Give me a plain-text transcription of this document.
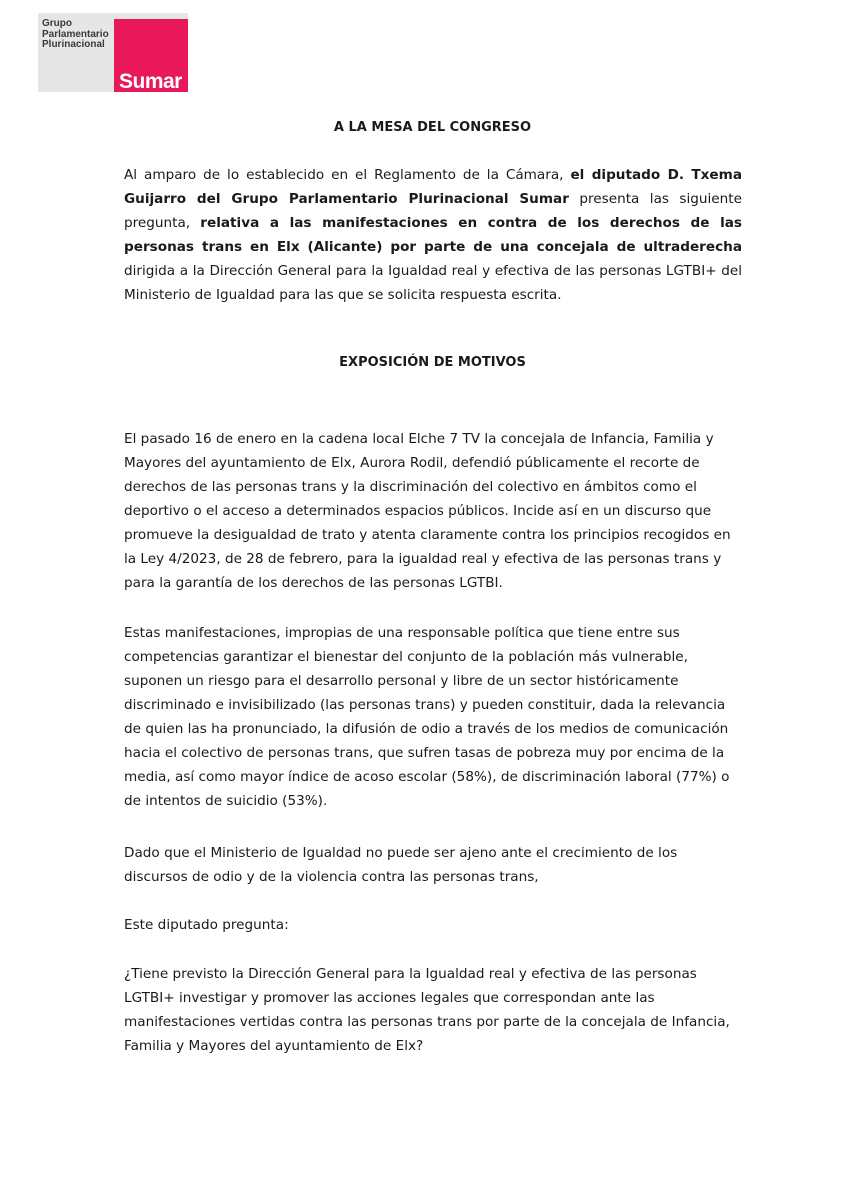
Grupo
Parlamentario
Plurinacional
Sumar
A LA MESA DEL CONGRESO
Al amparo de lo establecido en el Reglamento de la Cámara, el diputado D. Txema Guijarro del Grupo Parlamentario Plurinacional Sumar presenta las siguiente pregunta, relativa a las manifestaciones en contra de los derechos de las personas trans en Elx (Alicante) por parte de una concejala de ultraderecha dirigida a la Dirección General para la Igualdad real y efectiva de las personas LGTBI+ del Ministerio de Igualdad para las que se solicita respuesta escrita.
EXPOSICIÓN DE MOTIVOS
El pasado 16 de enero en la cadena local Elche 7 TV la concejala de Infancia, Familia y Mayores del ayuntamiento de Elx, Aurora Rodil, defendió públicamente el recorte de derechos de las personas trans y la discriminación del colectivo en ámbitos como el deportivo o el acceso a determinados espacios públicos. Incide así en un discurso que promueve la desigualdad de trato y atenta claramente contra los principios recogidos en la Ley 4/2023, de 28 de febrero, para la igualdad real y efectiva de las personas trans y para la garantía de los derechos de las personas LGTBI.
Estas manifestaciones, impropias de una responsable política que tiene entre sus competencias garantizar el bienestar del conjunto de la población más vulnerable, suponen un riesgo para el desarrollo personal y libre de un sector históricamente discriminado e invisibilizado (las personas trans) y pueden constituir, dada la relevancia de quien las ha pronunciado, la difusión de odio a través de los medios de comunicación hacia el colectivo de personas trans, que sufren tasas de pobreza muy por encima de la media, así como mayor índice de acoso escolar (58%), de discriminación laboral (77%) o de intentos de suicidio (53%).
Dado que el Ministerio de Igualdad no puede ser ajeno ante el crecimiento de los discursos de odio y de la violencia contra las personas trans,
Este diputado pregunta:
¿Tiene previsto la Dirección General para la Igualdad real y efectiva de las personas LGTBI+ investigar y promover las acciones legales que correspondan ante las manifestaciones vertidas contra las personas trans por parte de la concejala de Infancia, Familia y Mayores del ayuntamiento de Elx?
